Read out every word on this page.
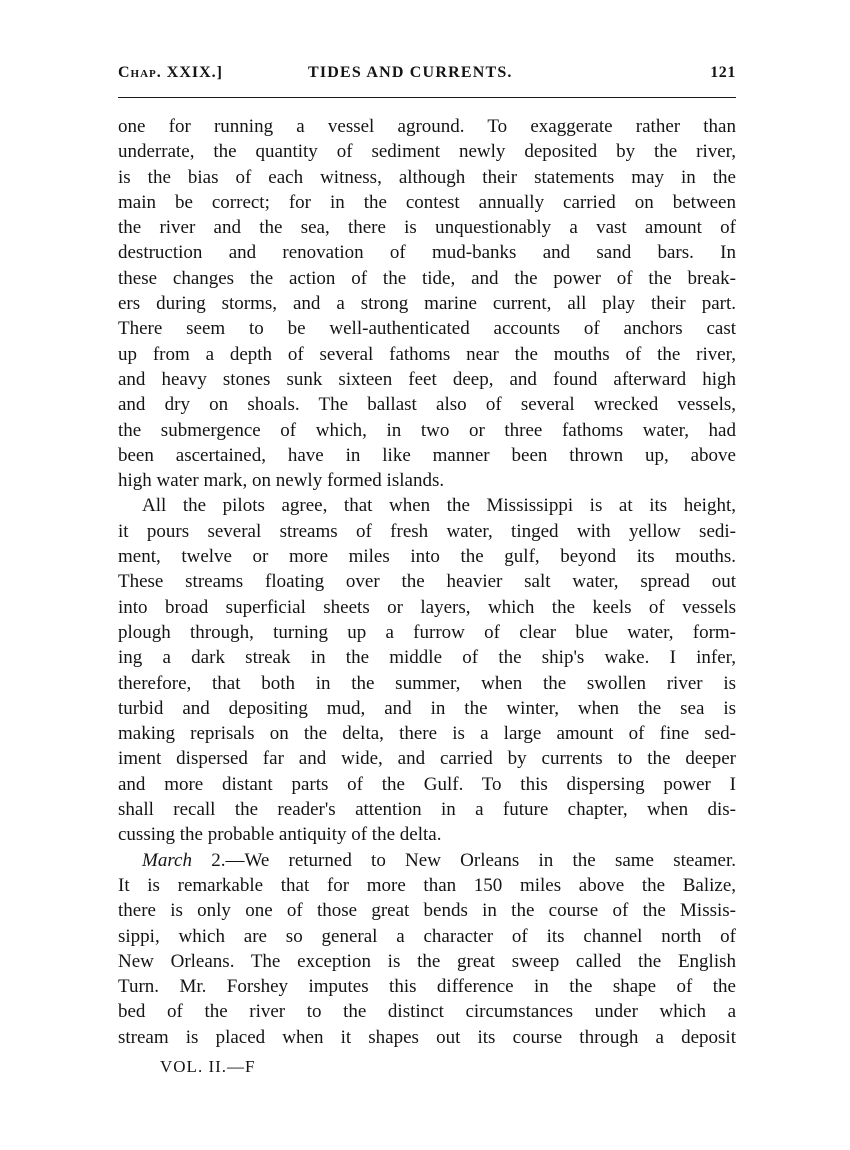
Chap. XXIX.]	TIDES AND CURRENTS.	121
one for running a vessel aground. To exaggerate rather than
underrate, the quantity of sediment newly deposited by the river,
is the bias of each witness, although their statements may in the
main be correct; for in the contest annually carried on between
the river and the sea, there is unquestionably a vast amount of
destruction and renovation of mud-banks and sand bars. In
these changes the action of the tide, and the power of the break-
ers during storms, and a strong marine current, all play their part.
There seem to be well-authenticated accounts of anchors cast
up from a depth of several fathoms near the mouths of the river,
and heavy stones sunk sixteen feet deep, and found afterward high
and dry on shoals. The ballast also of several wrecked vessels,
the submergence of which, in two or three fathoms water, had
been ascertained, have in like manner been thrown up, above
high water mark, on newly formed islands.
All the pilots agree, that when the Mississippi is at its height,
it pours several streams of fresh water, tinged with yellow sedi-
ment, twelve or more miles into the gulf, beyond its mouths.
These streams floating over the heavier salt water, spread out
into broad superficial sheets or layers, which the keels of vessels
plough through, turning up a furrow of clear blue water, form-
ing a dark streak in the middle of the ship's wake. I infer,
therefore, that both in the summer, when the swollen river is
turbid and depositing mud, and in the winter, when the sea is
making reprisals on the delta, there is a large amount of fine sed-
iment dispersed far and wide, and carried by currents to the deeper
and more distant parts of the Gulf. To this dispersing power I
shall recall the reader's attention in a future chapter, when dis-
cussing the probable antiquity of the delta.
March 2.—We returned to New Orleans in the same steamer.
It is remarkable that for more than 150 miles above the Balize,
there is only one of those great bends in the course of the Missis-
sippi, which are so general a character of its channel north of
New Orleans. The exception is the great sweep called the English
Turn. Mr. Forshey imputes this difference in the shape of the
bed of the river to the distinct circumstances under which a
stream is placed when it shapes out its course through a deposit
VOL. II.—F
